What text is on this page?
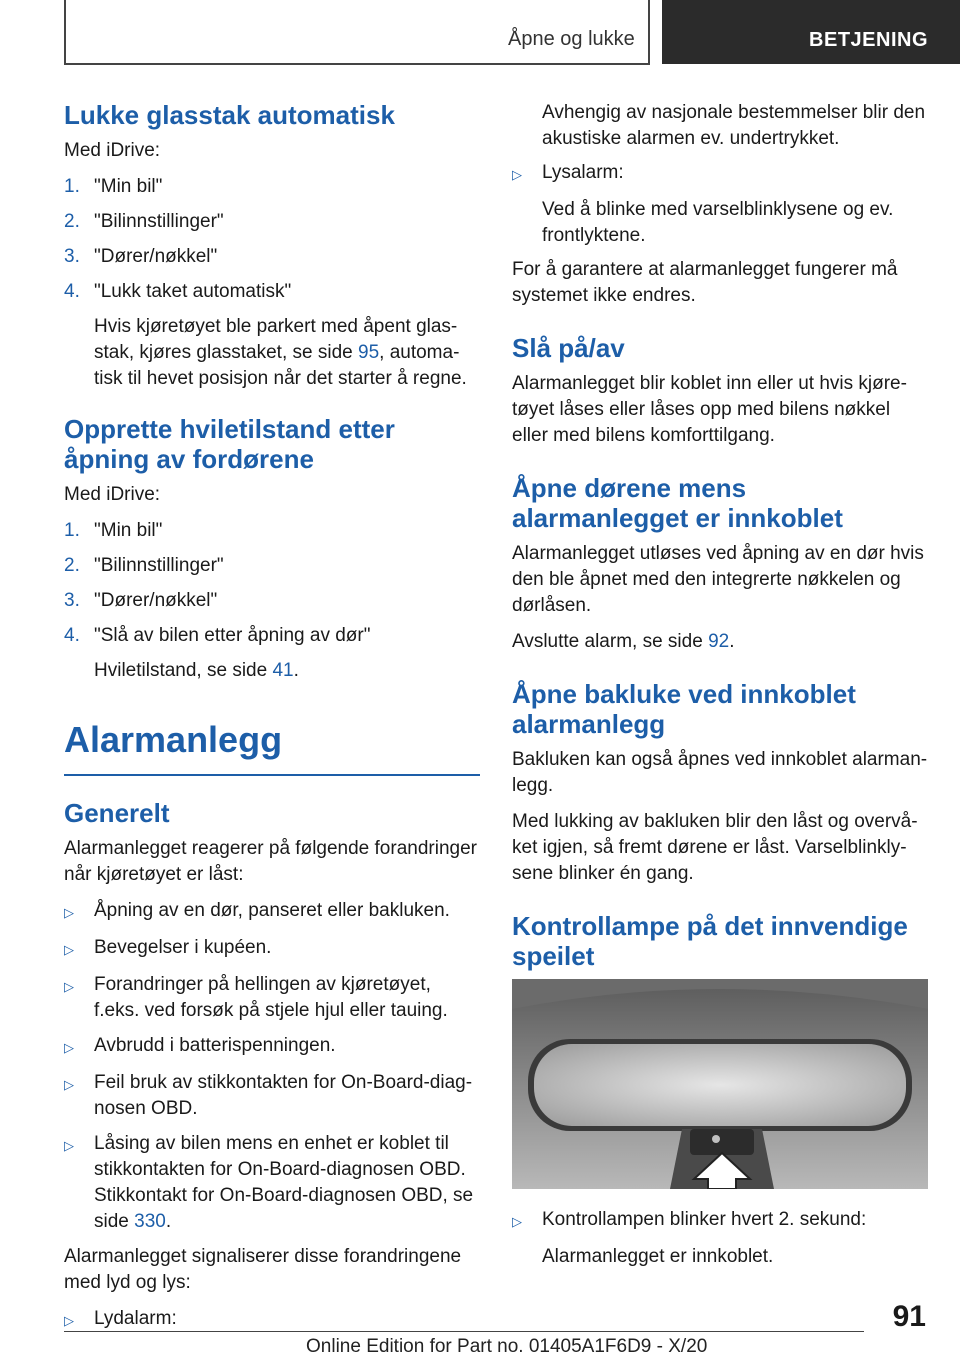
Åpne og lukke	BETJENING
Lukke glasstak automatisk

Med iDrive:

1. "Min bil"
2. "Bilinnstillinger"
3. "Dører/nøkkel"
4. "Lukk taket automatisk"
Hvis kjøretøyet ble parkert med åpent glasstak, kjøres glasstaket, se side 95, automatisk til hevet posisjon når det starter å regne.
Opprette hviletilstand etter åpning av fordørene

Med iDrive:

1. "Min bil"
2. "Bilinnstillinger"
3. "Dører/nøkkel"
4. "Slå av bilen etter åpning av dør"
Hviletilstand, se side 41.
Alarmanlegg
Generelt

Alarmanlegget reagerer på følgende forandringer når kjøretøyet er låst:

▷	Åpning av en dør, panseret eller bakluken.
▷	Bevegelser i kupéen.
▷	Forandringer på hellingen av kjøretøyet, f.eks. ved forsøk på stjele hjul eller tauing.
▷	Avbrudd i batterispenningen.
▷	Feil bruk av stikkontakten for On-Board-diagnosen OBD.
▷	Låsing av bilen mens en enhet er koblet til stikkontakten for On-Board-diagnosen OBD. Stikkontakt for On-Board-diagnosen OBD, se side 330.

Alarmanlegget signaliserer disse forandringene med lyd og lys:

▷	Lydalarm:
Avhengig av nasjonale bestemmelser blir den akustiske alarmen ev. undertrykket.
▷	Lysalarm:
Ved å blinke med varselblinklysene og ev. frontlyktene.

For å garantere at alarmanlegget fungerer må systemet ikke endres.

Slå på/av

Alarmanlegget blir koblet inn eller ut hvis kjøretøyet låses eller låses opp med bilens nøkkel eller med bilens komforttilgang.

Åpne dørene mens alarmanlegget er innkoblet

Alarmanlegget utløses ved åpning av en dør hvis den ble åpnet med den integrerte nøkkelen og dørlåsen.

Avslutte alarm, se side 92.

Åpne bakluke ved innkoblet alarmanlegg

Bakluken kan også åpnes ved innkoblet alarmanlegg.

Med lukking av bakluken blir den låst og overvåket igjen, så fremt dørene er låst. Varselblinklysene blinker én gang.

Kontrollampe på det innvendige speilet
▷	Kontrollampen blinker hvert 2. sekund:
Alarmanlegget er innkoblet.
91
Online Edition for Part no. 01405A1F6D9 - X/20
